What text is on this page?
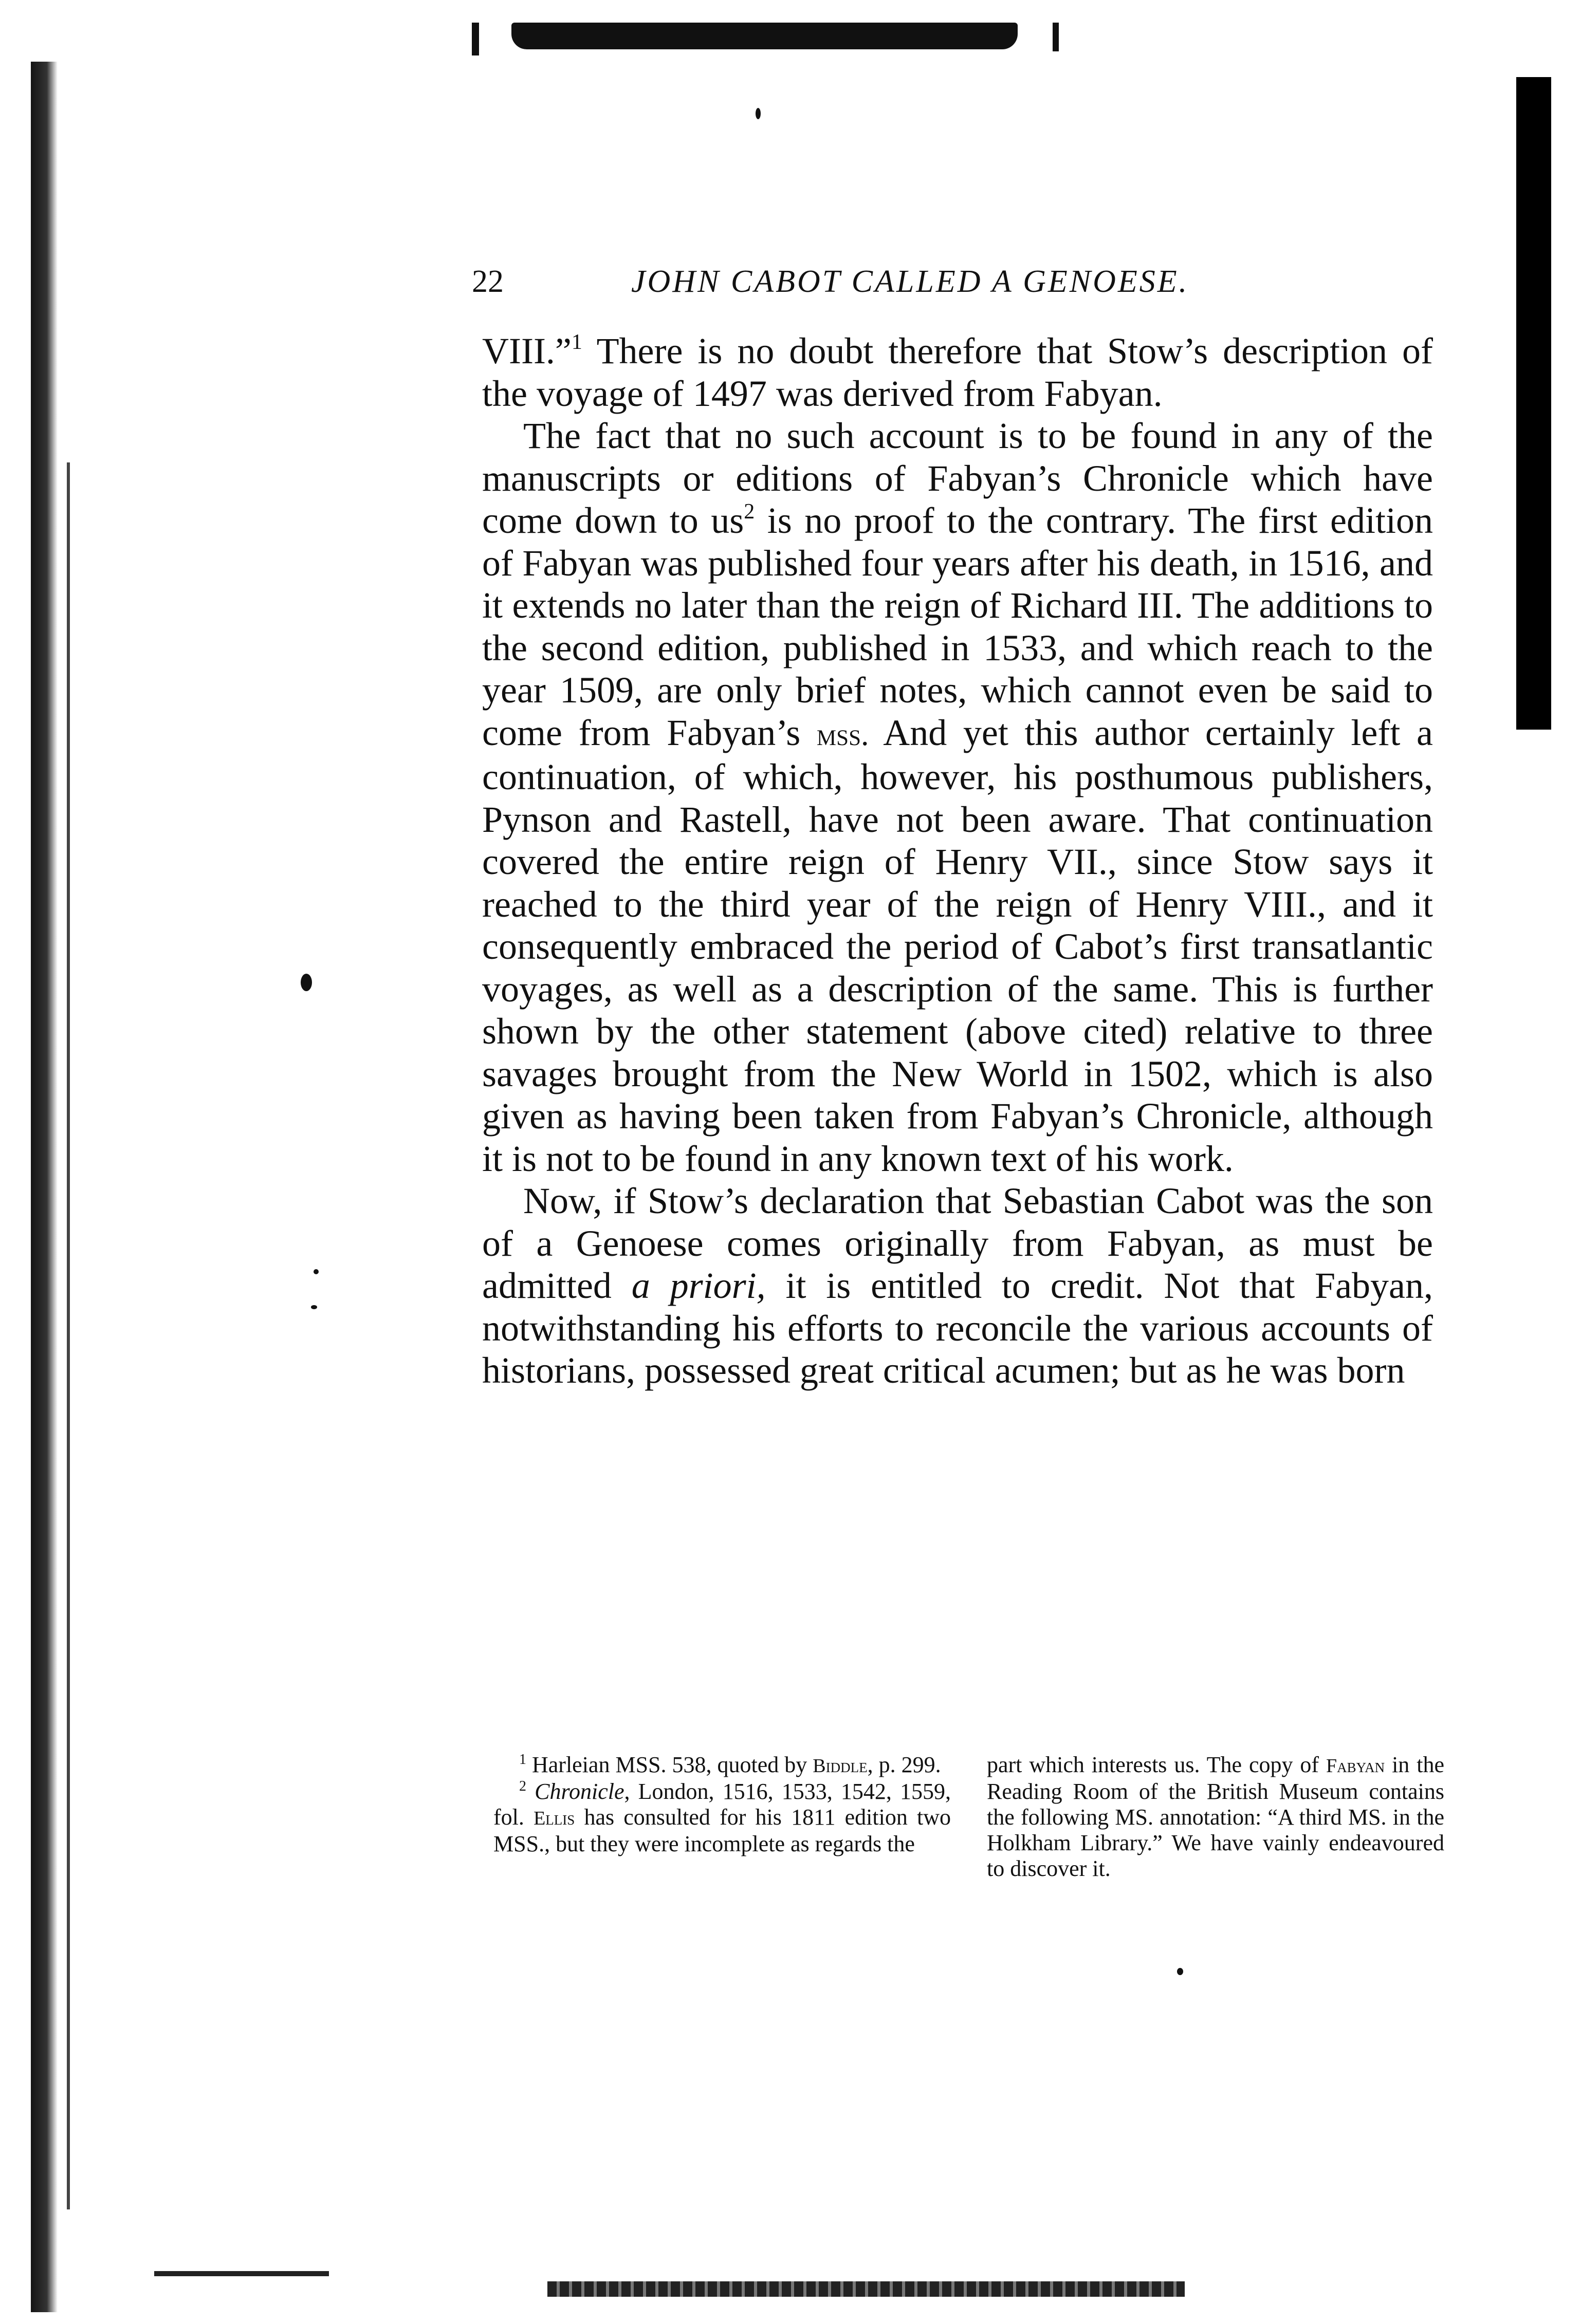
22	JOHN CABOT CALLED A GENOESE.

VIII.”$^1$ There is no doubt therefore that Stow’s description of the voyage of 1497 was derived from Fabyan.

The fact that no such account is to be found in any of the manuscripts or editions of Fabyan’s Chronicle which have come down to us$^2$ is no proof to the contrary. The first edition of Fabyan was published four years after his death, in 1516, and it extends no later than the reign of Richard III. The additions to the second edition, published in 1533, and which reach to the year 1509, are only brief notes, which cannot even be said to come from Fabyan’s mss. And yet this author certainly left a continuation, of which, however, his posthumous publishers, Pynson and Rastell, have not been aware. That continuation covered the entire reign of Henry VII., since Stow says it reached to the third year of the reign of Henry VIII., and it consequently embraced the period of Cabot’s first transatlantic voyages, as well as a description of the same. This is further shown by the other statement (above cited) relative to three savages brought from the New World in 1502, which is also given as having been taken from Fabyan’s Chronicle, although it is not to be found in any known text of his work.

Now, if Stow’s declaration that Sebastian Cabot was the son of a Genoese comes originally from Fabyan, as must be admitted a priori, it is entitled to credit. Not that Fabyan, notwithstanding his efforts to reconcile the various accounts of historians, possessed great critical acumen; but as he was born

$^1$ Harleian MSS. 538, quoted by Biddle, p. 299.

$^2$ Chronicle, London, 1516, 1533, 1542, 1559, fol. Ellis has consulted for his 1811 edition two MSS., but they were incomplete as regards the

part which interests us. The copy of Fabyan in the Reading Room of the British Museum contains the following MS. annotation: “A third MS. in the Holkham Library.” We have vainly endeavoured to discover it.
